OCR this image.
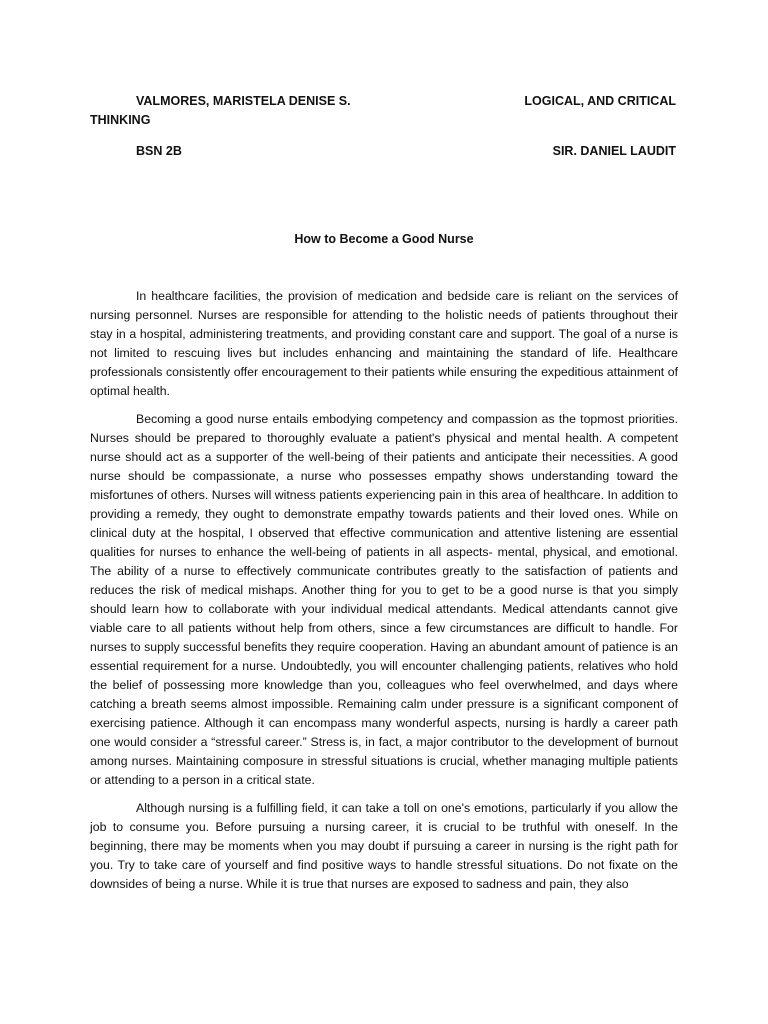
VALMORES, MARISTELA DENISE S.	LOGICAL, AND CRITICAL
THINKING
BSN 2B	SIR. DANIEL LAUDIT
How to Become a Good Nurse

In healthcare facilities, the provision of medication and bedside care is reliant on the services of nursing personnel. Nurses are responsible for attending to the holistic needs of patients throughout their stay in a hospital, administering treatments, and providing constant care and support. The goal of a nurse is not limited to rescuing lives but includes enhancing and maintaining the standard of life. Healthcare professionals consistently offer encouragement to their patients while ensuring the expeditious attainment of optimal health.

Becoming a good nurse entails embodying competency and compassion as the topmost priorities. Nurses should be prepared to thoroughly evaluate a patient's physical and mental health. A competent nurse should act as a supporter of the well-being of their patients and anticipate their necessities. A good nurse should be compassionate, a nurse who possesses empathy shows understanding toward the misfortunes of others. Nurses will witness patients experiencing pain in this area of healthcare. In addition to providing a remedy, they ought to demonstrate empathy towards patients and their loved ones. While on clinical duty at the hospital, I observed that effective communication and attentive listening are essential qualities for nurses to enhance the well-being of patients in all aspects- mental, physical, and emotional. The ability of a nurse to effectively communicate contributes greatly to the satisfaction of patients and reduces the risk of medical mishaps. Another thing for you to get to be a good nurse is that you simply should learn how to collaborate with your individual medical attendants. Medical attendants cannot give viable care to all patients without help from others, since a few circumstances are difficult to handle. For nurses to supply successful benefits they require cooperation. Having an abundant amount of patience is an essential requirement for a nurse. Undoubtedly, you will encounter challenging patients, relatives who hold the belief of possessing more knowledge than you, colleagues who feel overwhelmed, and days where catching a breath seems almost impossible. Remaining calm under pressure is a significant component of exercising patience. Although it can encompass many wonderful aspects, nursing is hardly a career path one would consider a “stressful career.” Stress is, in fact, a major contributor to the development of burnout among nurses. Maintaining composure in stressful situations is crucial, whether managing multiple patients or attending to a person in a critical state.

Although nursing is a fulfilling field, it can take a toll on one's emotions, particularly if you allow the job to consume you. Before pursuing a nursing career, it is crucial to be truthful with oneself. In the beginning, there may be moments when you may doubt if pursuing a career in nursing is the right path for you. Try to take care of yourself and find positive ways to handle stressful situations. Do not fixate on the downsides of being a nurse. While it is true that nurses are exposed to sadness and pain, they also
